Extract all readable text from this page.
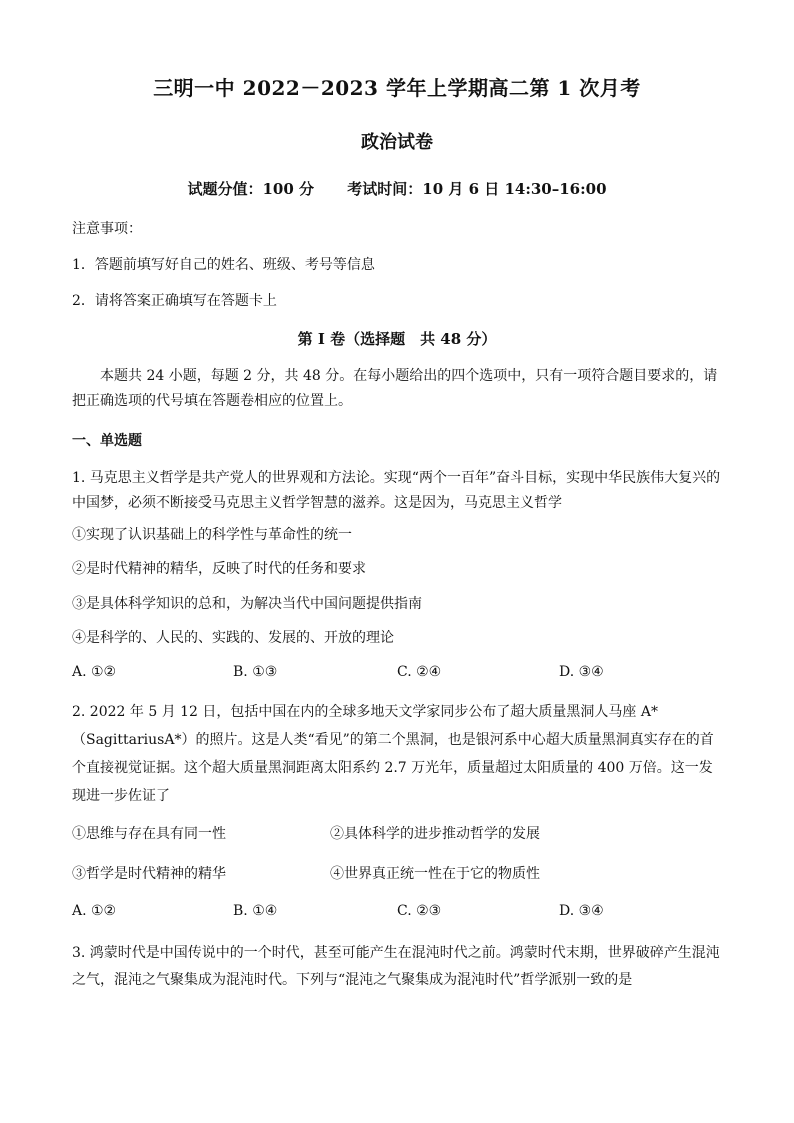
三明一中 2022－2023 学年上学期高二第 1 次月考
政治试卷
试题分值：100 分 考试时间：10 月 6 日 14:30–16:00
注意事项：
1．答题前填写好自己的姓名、班级、考号等信息
2．请将答案正确填写在答题卡上
第 I 卷（选择题　共 48 分）
本题共 24 小题，每题 2 分，共 48 分。在每小题给出的四个选项中，只有一项符合题目要求的，请把正确选项的代号填在答题卷相应的位置上。
一、单选题
1. 马克思主义哲学是共产党人的世界观和方法论。实现“两个一百年”奋斗目标，实现中华民族伟大复兴的中国梦，必须不断接受马克思主义哲学智慧的滋养。这是因为，马克思主义哲学
①实现了认识基础上的科学性与革命性的统一
②是时代精神的精华，反映了时代的任务和要求
③是具体科学知识的总和，为解决当代中国问题提供指南
④是科学的、人民的、实践的、发展的、开放的理论
A. ①②	B. ①③	C. ②④	D. ③④
2. 2022 年 5 月 12 日，包括中国在内的全球多地天文学家同步公布了超大质量黑洞人马座 A*（SagittariusA*）的照片。这是人类“看见”的第二个黑洞，也是银河系中心超大质量黑洞真实存在的首个直接视觉证据。这个超大质量黑洞距离太阳系约 2.7 万光年，质量超过太阳质量的 400 万倍。这一发现进一步佐证了
①思维与存在具有同一性	②具体科学的进步推动哲学的发展
③哲学是时代精神的精华	④世界真正统一性在于它的物质性
A. ①②	B. ①④	C. ②③	D. ③④
3. 鸿蒙时代是中国传说中的一个时代，甚至可能产生在混沌时代之前。鸿蒙时代末期，世界破碎产生混沌之气，混沌之气聚集成为混沌时代。下列与“混沌之气聚集成为混沌时代”哲学派别一致的是
